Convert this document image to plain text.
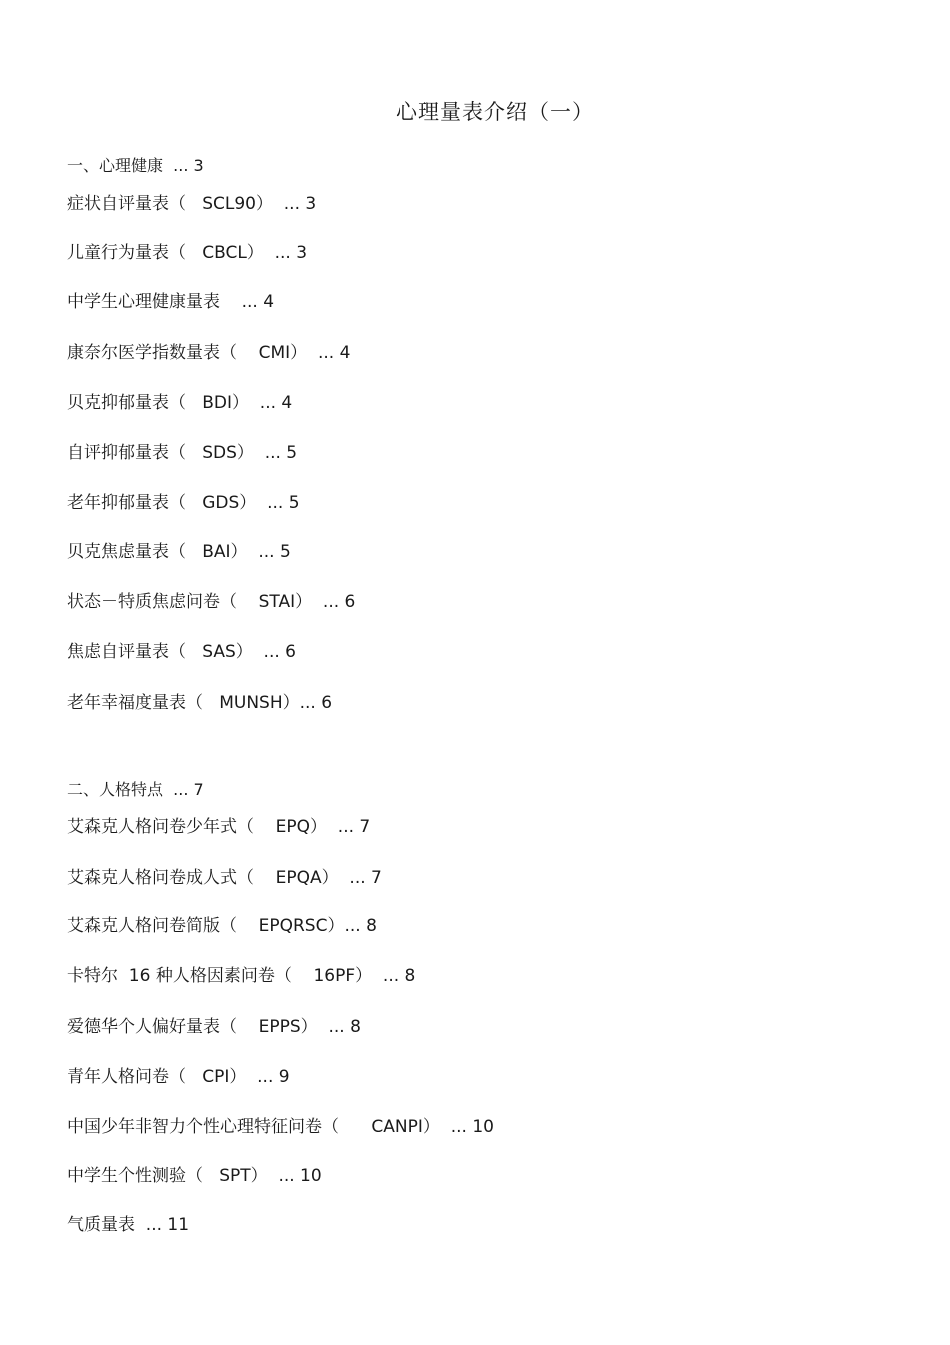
心理量表介绍（一）
一、心理健康  ... 3
症状自评量表（   SCL90）  ... 3
儿童行为量表（   CBCL）  ... 3
中学生心理健康量表    ... 4
康奈尔医学指数量表（    CMI）  ... 4
贝克抑郁量表（   BDI）  ... 4
自评抑郁量表（   SDS）  ... 5
老年抑郁量表（   GDS）  ... 5
贝克焦虑量表（   BAI）  ... 5
状态－特质焦虑问卷（    STAI）  ... 6
焦虑自评量表（   SAS）  ... 6
老年幸福度量表（   MUNSH）... 6
二、人格特点  ... 7
艾森克人格问卷少年式（    EPQ）  ... 7
艾森克人格问卷成人式（    EPQA）  ... 7
艾森克人格问卷简版（    EPQRSC）... 8
卡特尔  16 种人格因素问卷（    16PF）  ... 8
爱德华个人偏好量表（    EPPS）  ... 8
青年人格问卷（   CPI）  ... 9
中国少年非智力个性心理特征问卷（      CANPI）  ... 10
中学生个性测验（   SPT）  ... 10
气质量表  ... 11
